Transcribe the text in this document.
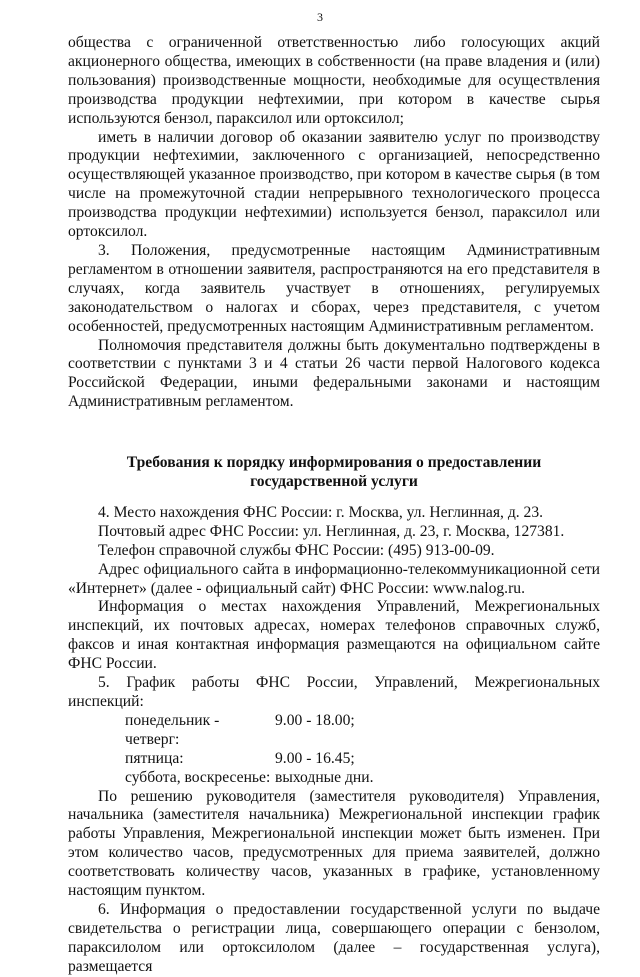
3

общества с ограниченной ответственностью либо голосующих акций акционерного общества, имеющих в собственности (на праве владения и (или) пользования) производственные мощности, необходимые для осуществления производства продукции нефтехимии, при котором в качестве сырья используются бензол, параксилол или ортоксилол;

иметь в наличии договор об оказании заявителю услуг по производству продукции нефтехимии, заключенного с организацией, непосредственно осуществляющей указанное производство, при котором в качестве сырья (в том числе на промежуточной стадии непрерывного технологического процесса производства продукции нефтехимии) используется бензол, параксилол или ортоксилол.

3. Положения, предусмотренные настоящим Административным регламентом в отношении заявителя, распространяются на его представителя в случаях, когда заявитель участвует в отношениях, регулируемых законодательством о налогах и сборах, через представителя, с учетом особенностей, предусмотренных настоящим Административным регламентом.

Полномочия представителя должны быть документально подтверждены в соответствии с пунктами 3 и 4 статьи 26 части первой Налогового кодекса Российской Федерации, иными федеральными законами и настоящим Административным регламентом.

Требования к порядку информирования о предоставлении
государственной услуги

4. Место нахождения ФНС России: г. Москва, ул. Неглинная, д. 23.

Почтовый адрес ФНС России: ул. Неглинная, д. 23, г. Москва, 127381.

Телефон справочной службы ФНС России: (495) 913-00-09.

Адрес официального сайта в информационно-телекоммуникационной сети «Интернет» (далее - официальный сайт) ФНС России: www.nalog.ru.

Информация о местах нахождения Управлений, Межрегиональных инспекций, их почтовых адресах, номерах телефонов справочных служб, факсов и иная контактная информация размещаются на официальном сайте ФНС России.

5. График работы ФНС России, Управлений, Межрегиональных инспекций:

понедельник - четверг:
9.00 - 18.00;
пятница:	9.00 - 16.45;
суббота, воскресенье: выходные дни.

По решению руководителя (заместителя руководителя) Управления, начальника (заместителя начальника) Межрегиональной инспекции график работы Управления, Межрегиональной инспекции может быть изменен. При этом количество часов, предусмотренных для приема заявителей, должно соответствовать количеству часов, указанных в графике, установленному настоящим пунктом.

6. Информация о предоставлении государственной услуги по выдаче свидетельства о регистрации лица, совершающего операции с бензолом, параксилолом или ортоксилолом (далее – государственная услуга), размещается
